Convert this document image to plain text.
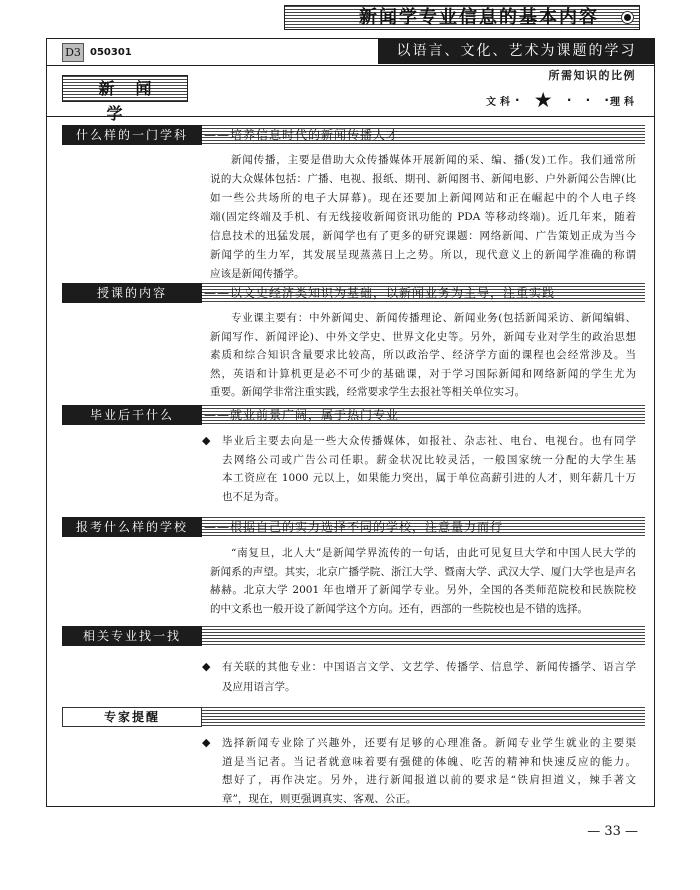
新闻学专业信息的基本内容
D3 050301	以语言、文化、艺术为课题的学习
新闻学
所需知识的比例
文科 · ★ · · · 理科
什么样的一门学科	——培养信息时代的新闻传播人才
新闻传播，主要是借助大众传播媒体开展新闻的采、编、播(发)工作。我们通常所
说的大众媒体包括：广播、电视、报纸、期刊、新闻图书、新闻电影、户外新闻公告牌(比
如一些公共场所的电子大屏幕)。现在还要加上新闻网站和正在崛起中的个人电子终
端(固定终端及手机、有无线接收新闻资讯功能的 PDA 等移动终端)。近几年来，随着
信息技术的迅猛发展，新闻学也有了更多的研究课题：网络新闻、广告策划正成为当今
新闻学的生力军，其发展呈现蒸蒸日上之势。所以，现代意义上的新闻学准确的称谓
应该是新闻传播学。
授课的内容	——以文史经济类知识为基础，以新闻业务为主导，注重实践
专业课主要有：中外新闻史、新闻传播理论、新闻业务(包括新闻采访、新闻编辑、
新闻写作、新闻评论)、中外文学史、世界文化史等。另外，新闻专业对学生的政治思想
素质和综合知识含量要求比较高，所以政治学、经济学方面的课程也会经常涉及。当
然，英语和计算机更是必不可少的基础课，对于学习国际新闻和网络新闻的学生尤为
重要。新闻学非常注重实践，经常要求学生去报社等相关单位实习。
毕业后干什么	——就业前景广阔，属于热门专业
◆ 毕业后主要去向是一些大众传播媒体，如报社、杂志社、电台、电视台。也有同学
去网络公司或广告公司任职。薪金状况比较灵活，一般国家统一分配的大学生基
本工资应在 1000 元以上，如果能力突出，属于单位高薪引进的人才，则年薪几十万
也不足为奇。
报考什么样的学校	——根据自己的实力选择不同的学校，注意量力而行
“南复旦，北人大”是新闻学界流传的一句话，由此可见复旦大学和中国人民大学的
新闻系的声望。其实，北京广播学院、浙江大学、暨南大学、武汉大学、厦门大学也是声名
赫赫。北京大学 2001 年也增开了新闻学专业。另外，全国的各类师范院校和民族院校
的中文系也一般开设了新闻学这个方向。还有，西部的一些院校也是不错的选择。
相关专业找一找
◆ 有关联的其他专业：中国语言文学、文艺学、传播学、信息学、新闻传播学、语言学
及应用语言学。
专家提醒
◆ 选择新闻专业除了兴趣外，还要有足够的心理准备。新闻专业学生就业的主要渠
道是当记者。当记者就意味着要有强健的体魄、吃苦的精神和快速反应的能力。
想好了，再作决定。另外，进行新闻报道以前的要求是“铁肩担道义，辣手著文
章”，现在，则更强调真实、客观、公正。
— 33 —
